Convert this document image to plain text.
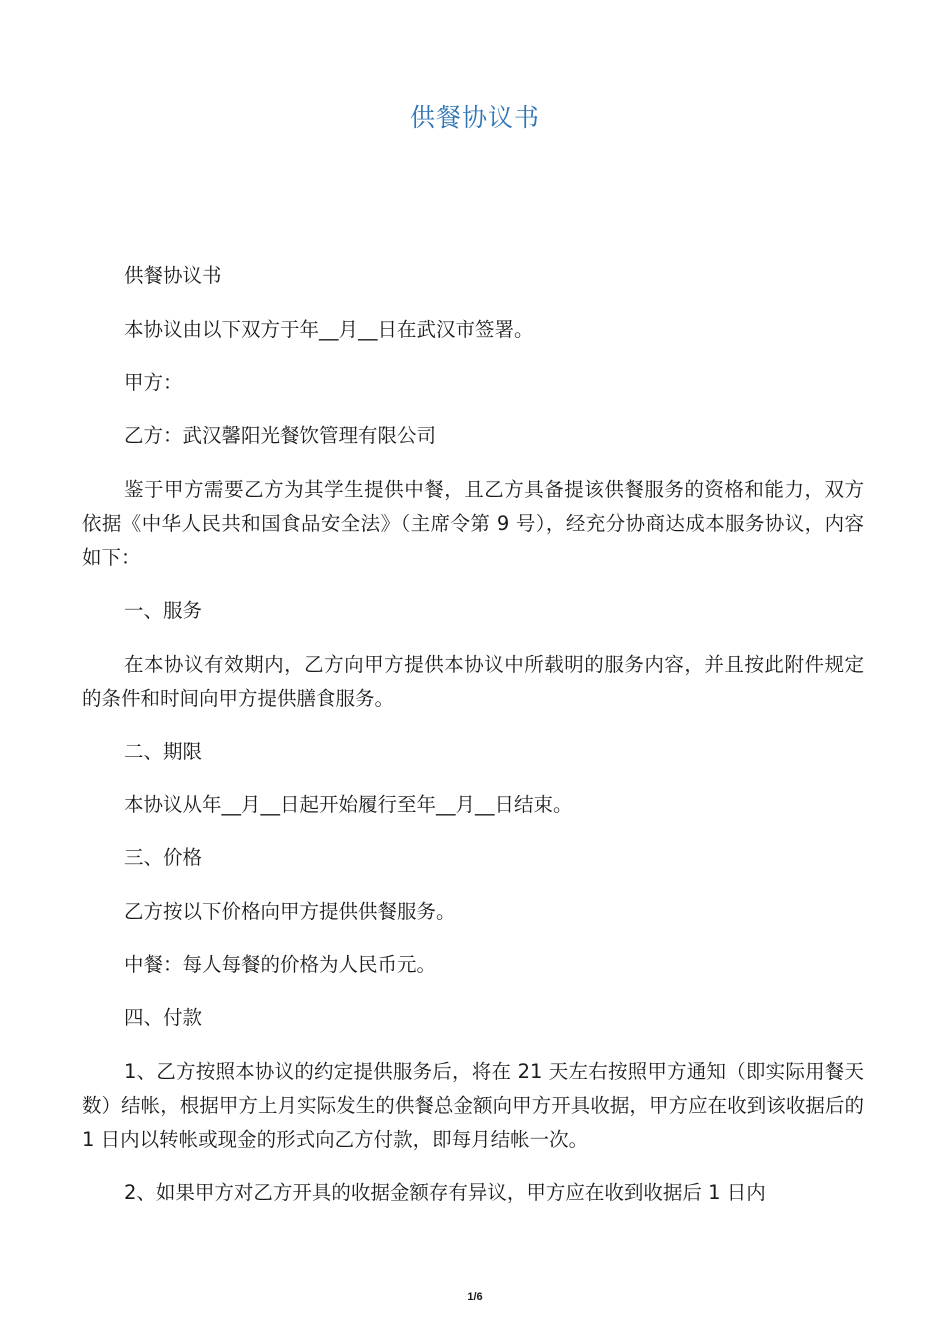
供餐协议书

供餐协议书

本协议由以下双方于年__月__日在武汉市签署。

甲方：

乙方：武汉馨阳光餐饮管理有限公司

鉴于甲方需要乙方为其学生提供中餐，且乙方具备提该供餐服务的资格和能力，双方依据《中华人民共和国食品安全法》（主席令第 9 号），经充分协商达成本服务协议，内容如下：

一、服务

在本协议有效期内，乙方向甲方提供本协议中所载明的服务内容，并且按此附件规定的条件和时间向甲方提供膳食服务。

二、期限

本协议从年__月__日起开始履行至年__月__日结束。

三、价格

乙方按以下价格向甲方提供供餐服务。

中餐：每人每餐的价格为人民币元。

四、付款

1、乙方按照本协议的约定提供服务后，将在 21 天左右按照甲方通知（即实际用餐天数）结帐，根据甲方上月实际发生的供餐总金额向甲方开具收据，甲方应在收到该收据后的 1 日内以转帐或现金的形式向乙方付款，即每月结帐一次。

2、如果甲方对乙方开具的收据金额存有异议，甲方应在收到收据后 1 日内

1/6
